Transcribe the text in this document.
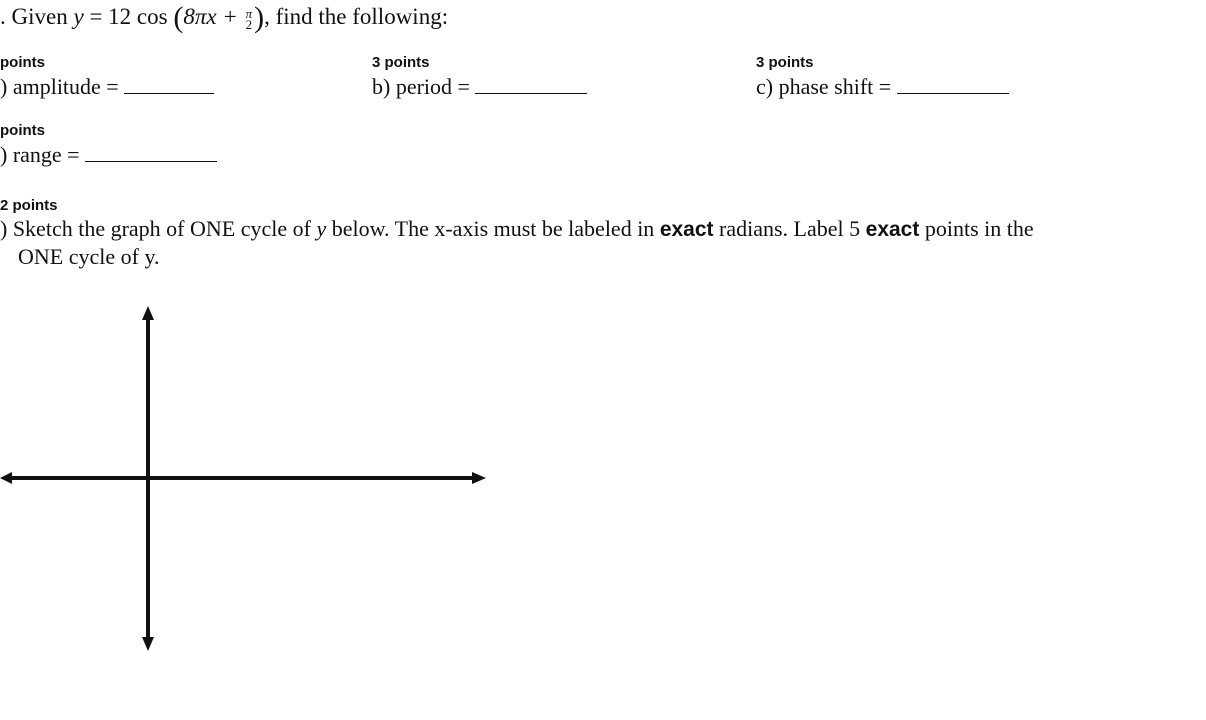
. Given y = 12 cos (8πx + π
2 ), find the following:
points
) amplitude =
3 points
b) period =
3 points
c) phase shift =
points
) range =
2 points
) Sketch the graph of ONE cycle of y below. The x-axis must be labeled in exact radians. Label 5 exact points in the
ONE cycle of y.
